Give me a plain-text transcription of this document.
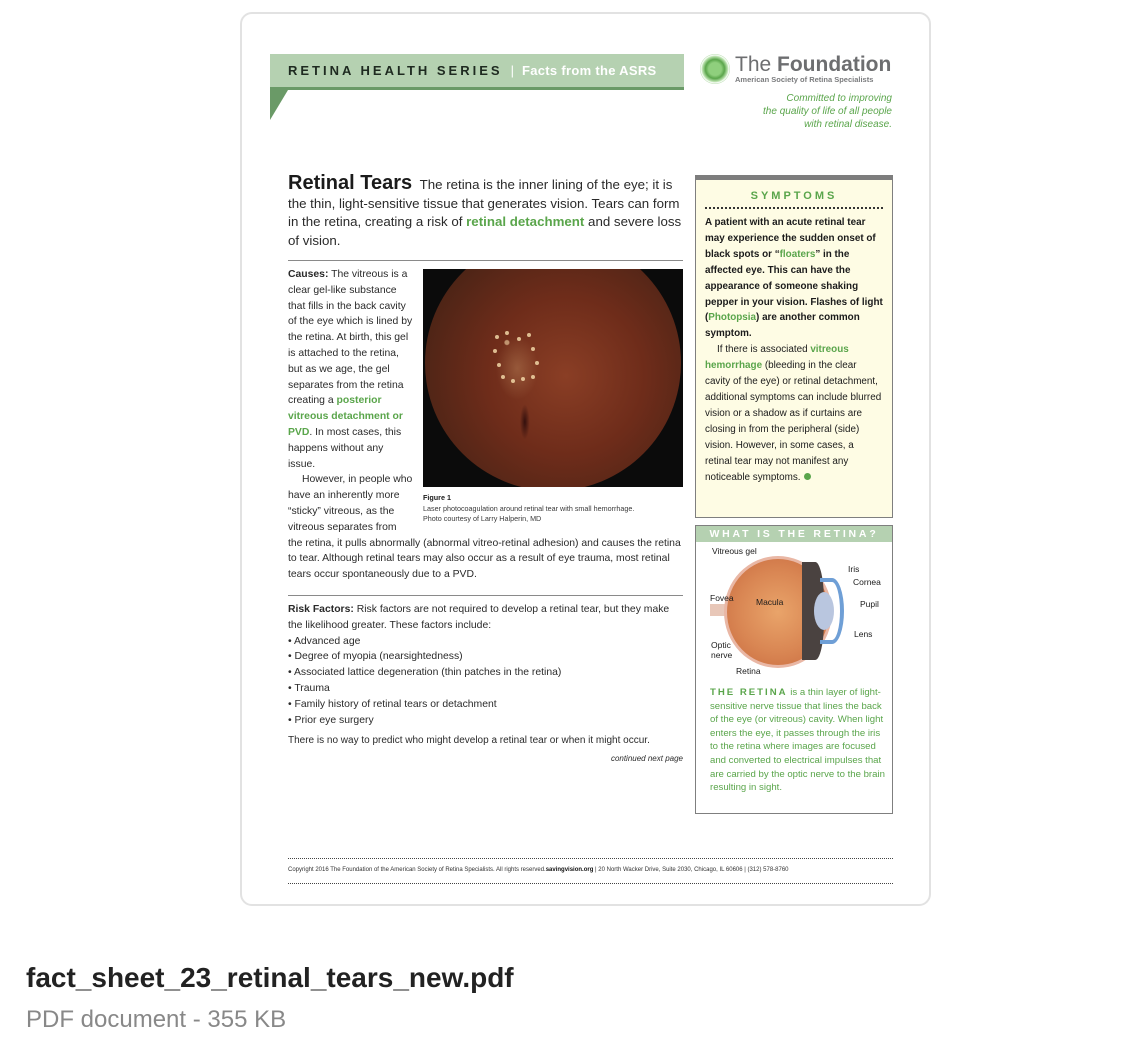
RETINA HEALTH SERIES | Facts from the ASRS	The Foundation
American Society of Retina Specialists
Committed to improving
the quality of life of all people
with retinal disease.
Retinal Tears The retina is the inner lining of the eye; it is the thin, light-sensitive tissue that generates vision. Tears can form in the retina, creating a risk of retinal detachment and severe loss of vision.
Figure 1
Laser photocoagulation around retinal tear with small hemorrhage.
Photo courtesy of Larry Halperin, MD

Causes: The vitreous is a clear gel-like substance that fills in the back cavity of the eye which is lined by the retina. At birth, this gel is attached to the retina, but as we age, the gel separates from the retina creating a posterior vitreous detachment or PVD. In most cases, this happens without any issue.

However, in people who have an inherently more “sticky” vitreous, as the vitreous separates from the retina, it pulls abnormally (abnormal vitreo-retinal adhesion) and causes the retina to tear. Although retinal tears may also occur as a result of eye trauma, most retinal tears occur spontaneously due to a PVD.

Risk Factors: Risk factors are not required to develop a retinal tear, but they make the likelihood greater. These factors include:

• Advanced age
• Degree of myopia (nearsightedness)
• Associated lattice degeneration (thin patches in the retina)
• Trauma
• Family history of retinal tears or detachment
• Prior eye surgery

There is no way to predict who might develop a retinal tear or when it might occur.

continued next page

SYMPTOMS

A patient with an acute retinal tear may experience the sudden onset of black spots or “floaters” in the affected eye. This can have the appearance of someone shaking pepper in your vision. Flashes of light (Photopsia) are another common symptom.

If there is associated vitreous hemorrhage (bleeding in the clear cavity of the eye) or retinal detachment, additional symptoms can include blurred vision or a shadow as if curtains are closing in from the peripheral (side) vision. However, in some cases, a retinal tear may not manifest any noticeable symptoms.

WHAT IS THE RETINA?
Vitreous gel
Iris
Cornea
Fovea	Macula	Pupil
Lens
Optic
nerve
Retina

THE RETINA is a thin layer of light-sensitive nerve tissue that lines the back of the eye (or vitreous) cavity. When light enters the eye, it passes through the iris to the retina where images are focused and converted to electrical impulses that are carried by the optic nerve to the brain resulting in sight.

Copyright 2016 The Foundation of the American Society of Retina Specialists. All rights reserved.savingvision.org | 20 North Wacker Drive, Suite 2030, Chicago, IL 60606 | (312) 578-8760
fact_sheet_23_retinal_tears_new.pdf
PDF document - 355 KB
